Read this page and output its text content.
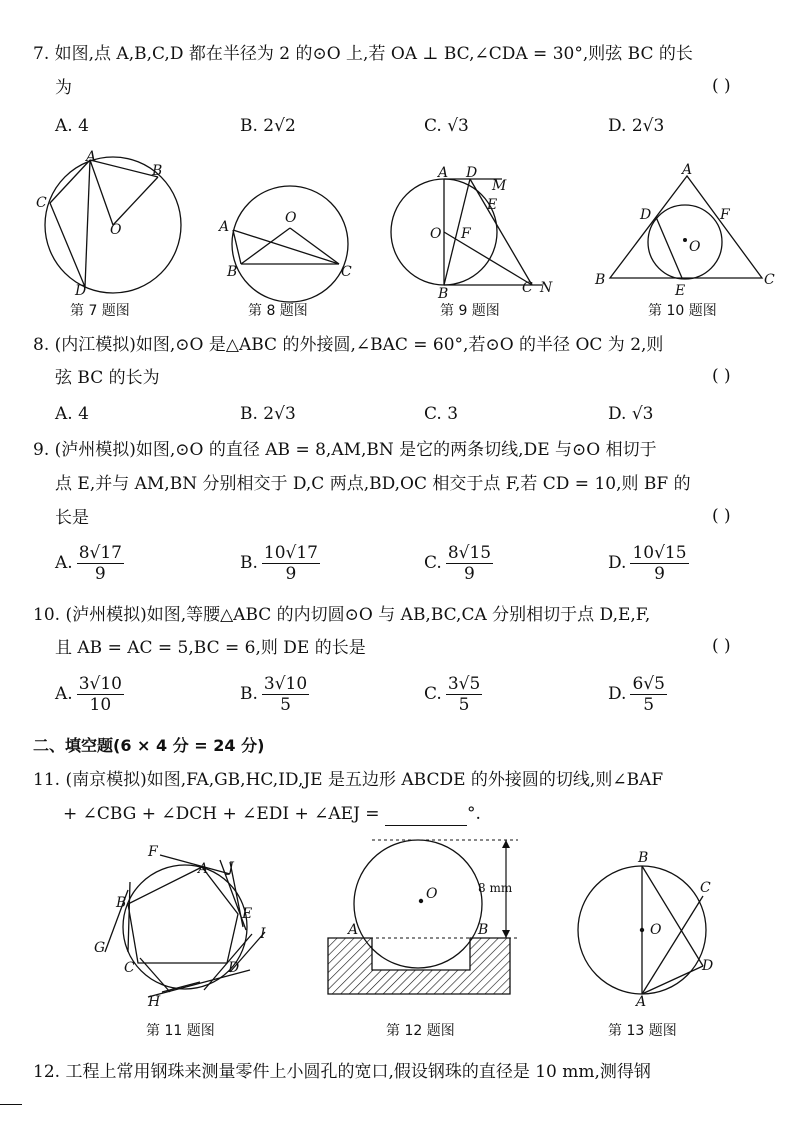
7. 如图,点 A,B,C,D 都在半径为 2 的⊙O 上,若 OA ⊥ BC,∠CDA = 30°,则弦 BC 的长
为	( )
A. 4	B. 2√2	C. √3	D. 2√3
A
B
C
O
D
第 7 题图
A
O
B	C
第 8 题图
A D
M
E
O F
B	C N
第 9 题图
A
D	F
O
B
E
C
第 10 题图
8. (内江模拟)如图,⊙O 是△ABC 的外接圆,∠BAC = 60°,若⊙O 的半径 OC 为 2,则
弦 BC 的长为	( )
A. 4	B. 2√3	C. 3	D. √3
9. (泸州模拟)如图,⊙O 的直径 AB = 8,AM,BN 是它的两条切线,DE 与⊙O 相切于
点 E,并与 AM,BN 分别相交于 D,C 两点,BD,OC 相交于点 F,若 CD = 10,则 BF 的
长是	( )
A. $\frac{8√17}{9}$	B. $\frac{10√17}{9}$	C. $\frac{8√15}{9}$	D. $\frac{10√15}{9}$
10. (泸州模拟)如图,等腰△ABC 的内切圆⊙O 与 AB,BC,CA 分别相切于点 D,E,F,
且 AB = AC = 5,BC = 6,则 DE 的长是	( )
A. $\frac{3√10}{10}$	B. $\frac{3√10}{5}$	C. $\frac{3√5}{5}$	D. $\frac{6√5}{5}$
二、填空题(6 × 4 分 = 24 分)
11. (南京模拟)如图,FA,GB,HC,ID,JE 是五边形 ABCDE 的外接圆的切线,则∠BAF
+ ∠CBG + ∠DCH + ∠EDI + ∠AEJ =	°.
F
A J
B
E
G
I
C	D
H
第 11 题图
O	8 mm
A	B
第 12 题图
B
C
O
D
A
第 13 题图
12. 工程上常用钢珠来测量零件上小圆孔的宽口,假设钢珠的直径是 10 mm,测得钢
